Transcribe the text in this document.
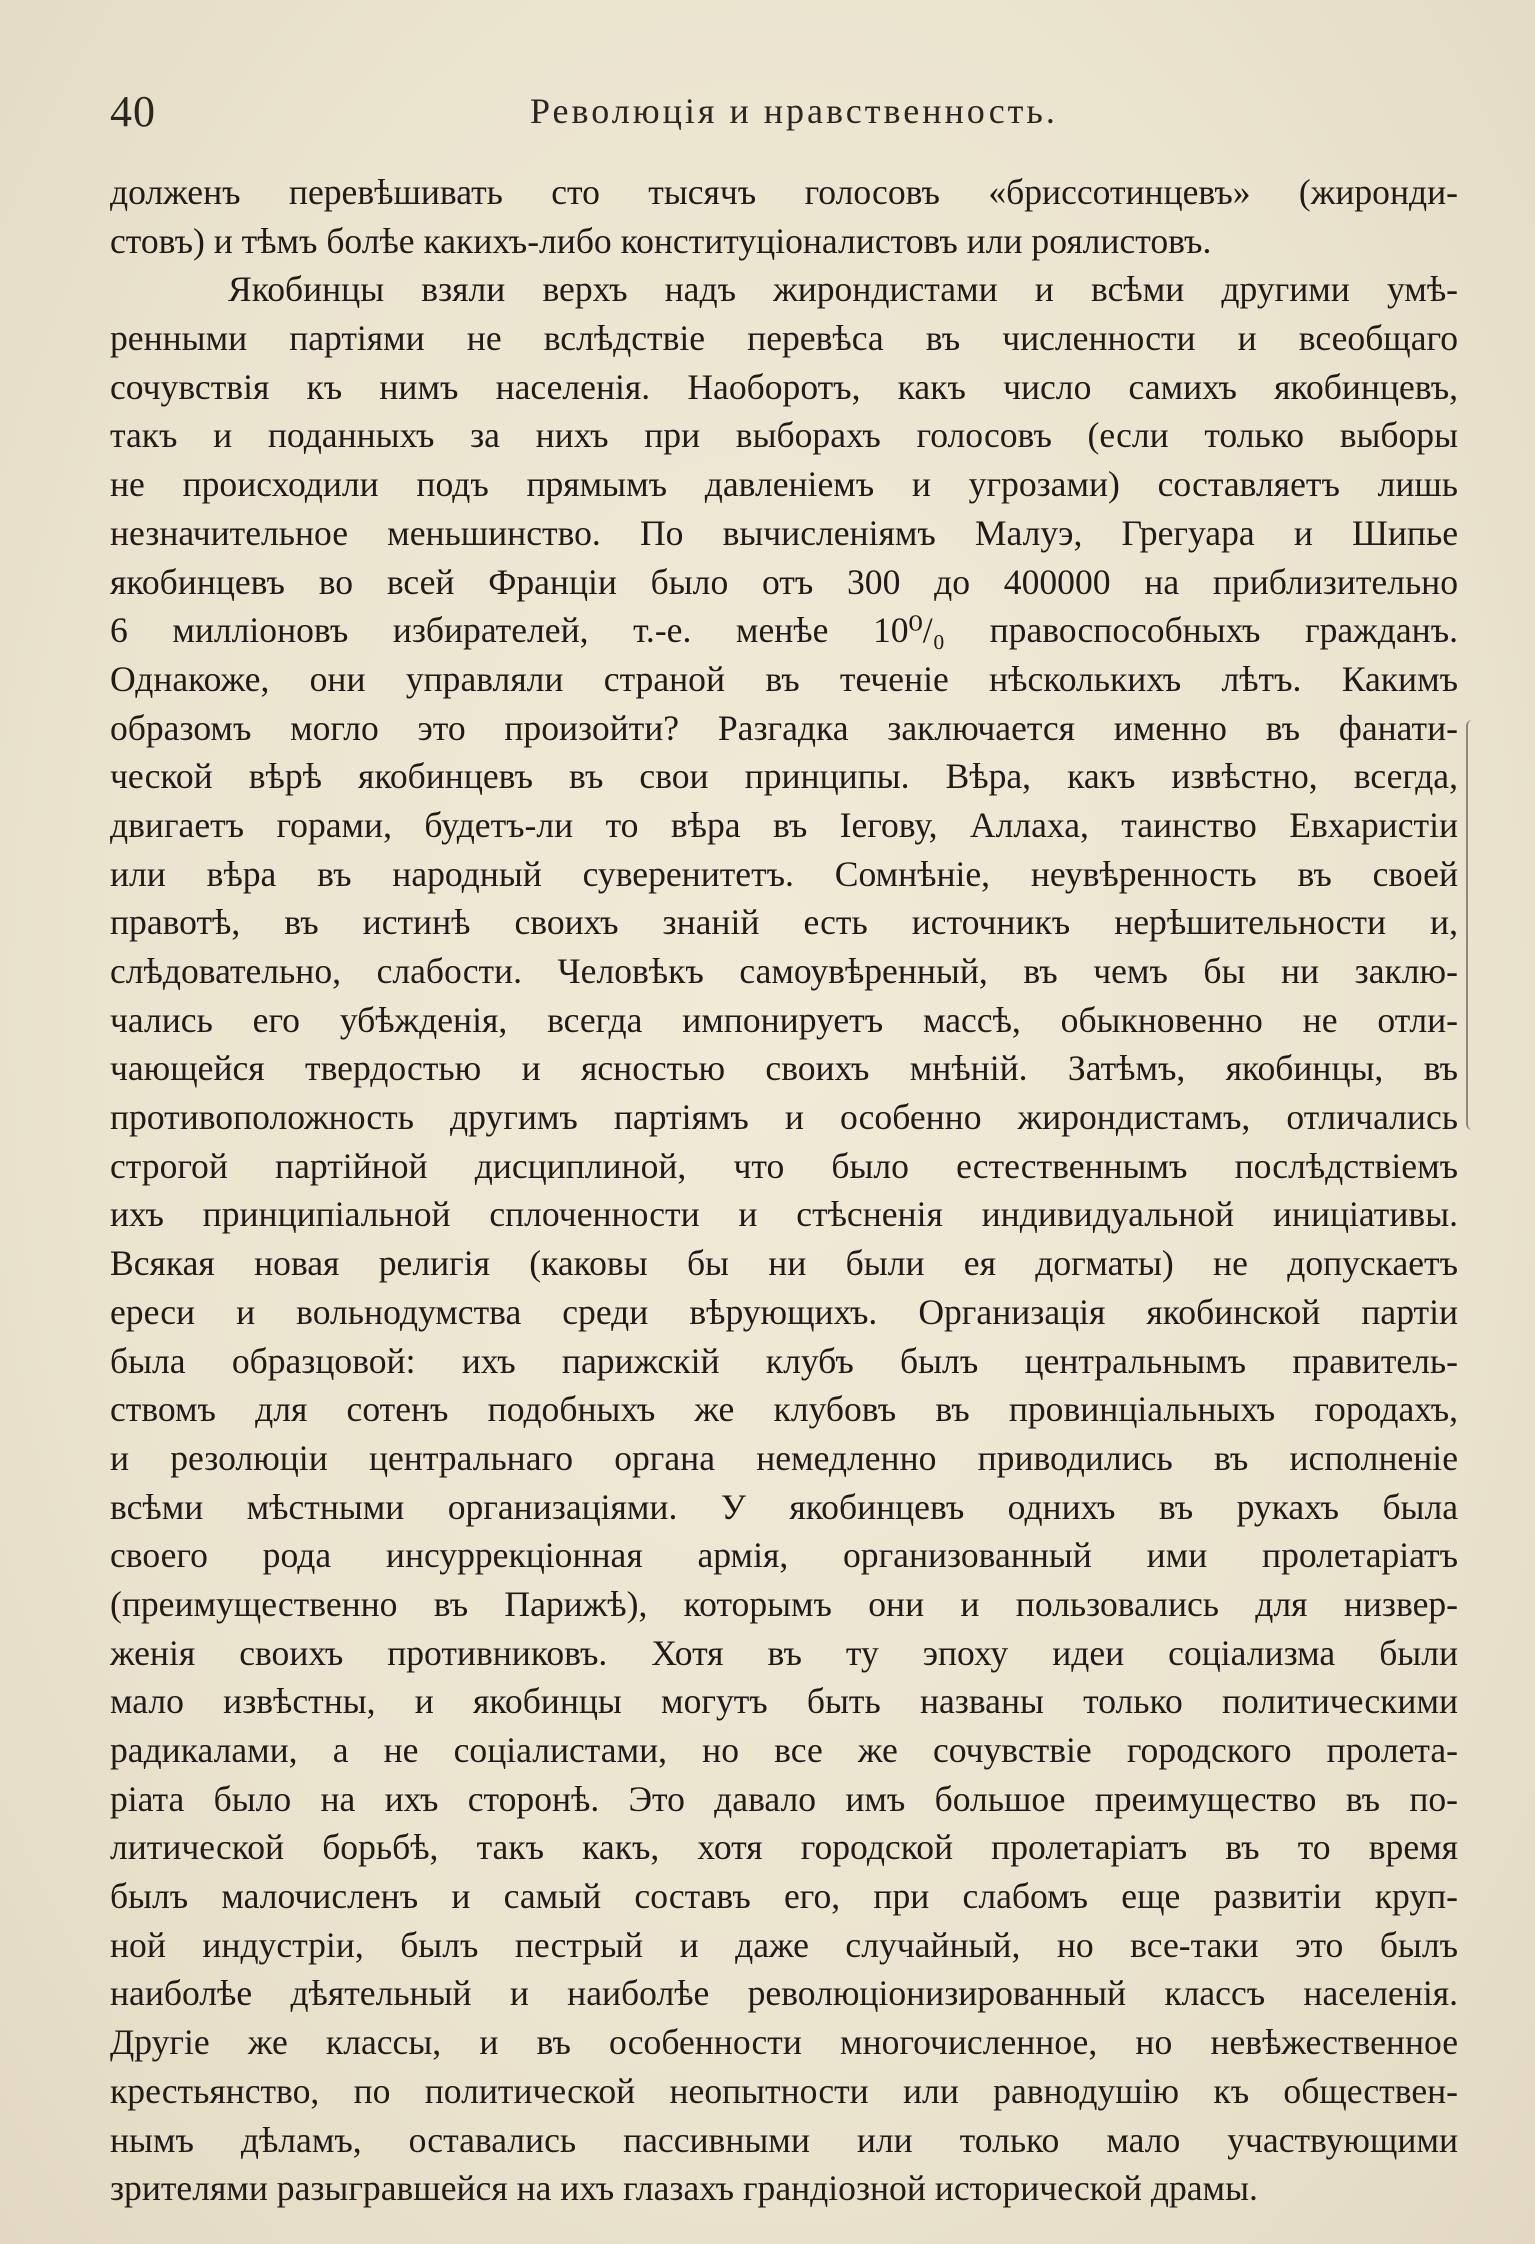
40	Революція и нравственность.
долженъ перевѣшивать сто тысячъ голосовъ «бриссотинцевъ» (жиронди-
стовъ) и тѣмъ болѣе какихъ-либо конституціоналистовъ или роялистовъ.
Якобинцы взяли верхъ надъ жирондистами и всѣми другими умѣ-
ренными партіями не вслѣдствіе перевѣса въ численности и всеобщаго
сочувствія къ нимъ населенія. Наоборотъ, какъ число самихъ якобинцевъ,
такъ и поданныхъ за нихъ при выборахъ голосовъ (если только выборы
не происходили подъ прямымъ давленіемъ и угрозами) составляетъ лишь
незначительное меньшинство. По вычисленіямъ Малуэ, Грегуара и Шипье
якобинцевъ во всей Франціи было отъ 300 до 400000 на приблизительно
6 милліоновъ избирателей, т.-е. менѣе 10⁰/₀ правоспособныхъ гражданъ.
Однакоже, они управляли страной въ теченіе нѣсколькихъ лѣтъ. Какимъ
образомъ могло это произойти? Разгадка заключается именно въ фанати-
ческой вѣрѣ якобинцевъ въ свои принципы. Вѣра, какъ извѣстно, всегда,
двигаетъ горами, будетъ-ли то вѣра въ Іегову, Аллаха, таинство Евхаристіи
или вѣра въ народный суверенитетъ. Сомнѣніе, неувѣренность въ своей
правотѣ, въ истинѣ своихъ знаній есть источникъ нерѣшительности и,
слѣдовательно, слабости. Человѣкъ самоувѣренный, въ чемъ бы ни заклю-
чались его убѣжденія, всегда импонируетъ массѣ, обыкновенно не отли-
чающейся твердостью и ясностью своихъ мнѣній. Затѣмъ, якобинцы, въ
противоположность другимъ партіямъ и особенно жирондистамъ, отличались
строгой партійной дисциплиной, что было естественнымъ послѣдствіемъ
ихъ принципіальной сплоченности и стѣсненія индивидуальной иниціативы.
Всякая новая религія (каковы бы ни были ея догматы) не допускаетъ
ереси и вольнодумства среди вѣрующихъ. Организація якобинской партіи
была образцовой: ихъ парижскій клубъ былъ центральнымъ правитель-
ствомъ для сотенъ подобныхъ же клубовъ въ провинціальныхъ городахъ,
и резолюціи центральнаго органа немедленно приводились въ исполненіе
всѣми мѣстными организаціями. У якобинцевъ однихъ въ рукахъ была
своего рода инсуррекціонная армія, организованный ими пролетаріатъ
(преимущественно въ Парижѣ), которымъ они и пользовались для низвер-
женія своихъ противниковъ. Хотя въ ту эпоху идеи соціализма были
мало извѣстны, и якобинцы могутъ быть названы только политическими
радикалами, а не соціалистами, но все же сочувствіе городского пролета-
ріата было на ихъ сторонѣ. Это давало имъ большое преимущество въ по-
литической борьбѣ, такъ какъ, хотя городской пролетаріатъ въ то время
былъ малочисленъ и самый составъ его, при слабомъ еще развитіи круп-
ной индустріи, былъ пестрый и даже случайный, но все-таки это былъ
наиболѣе дѣятельный и наиболѣе революціонизированный классъ населенія.
Другіе же классы, и въ особенности многочисленное, но невѣжественное
крестьянство, по политической неопытности или равнодушію къ обществен-
нымъ дѣламъ, оставались пассивными или только мало участвующими
зрителями разыгравшейся на ихъ глазахъ грандіозной исторической драмы.
